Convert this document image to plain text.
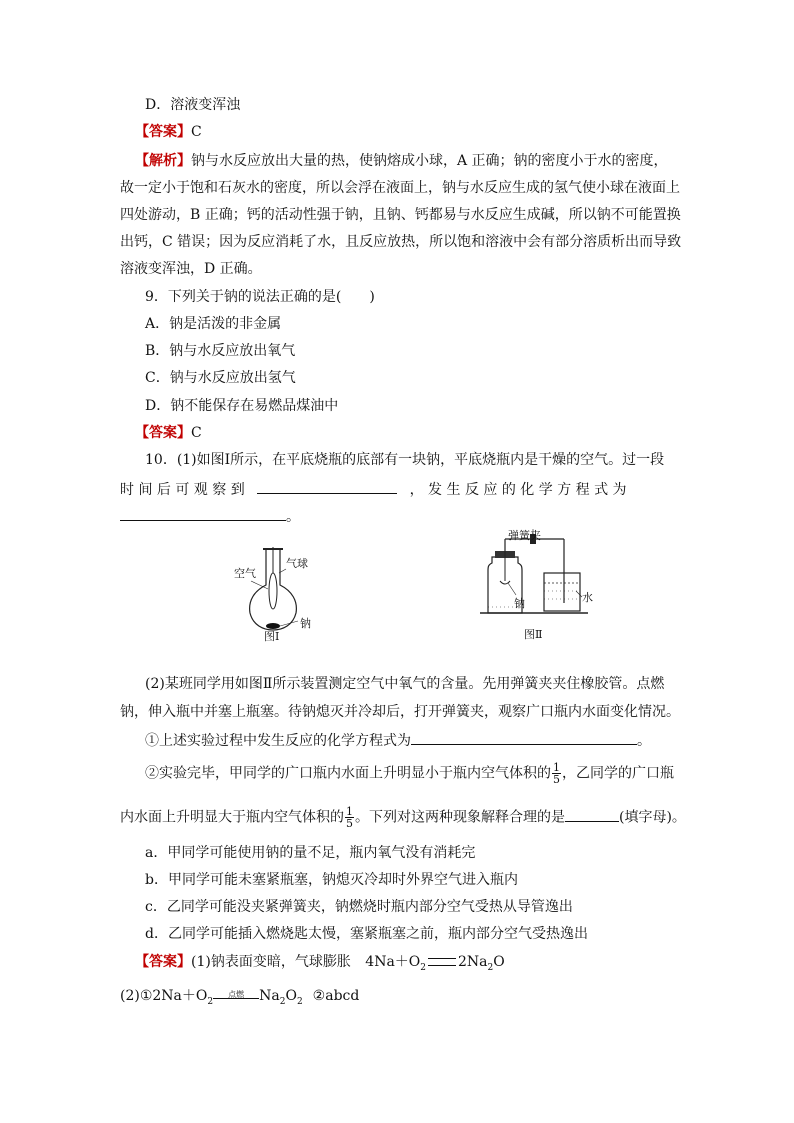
D．溶液变浑浊
【答案】C
【解析】钠与水反应放出大量的热，使钠熔成小球，A 正确；钠的密度小于水的密度，
故一定小于饱和石灰水的密度，所以会浮在液面上，钠与水反应生成的氢气使小球在液面上
四处游动，B 正确；钙的活动性强于钠，且钠、钙都易与水反应生成碱，所以钠不可能置换
出钙，C 错误；因为反应消耗了水，且反应放热，所以饱和溶液中会有部分溶质析出而导致
溶液变浑浊，D 正确。
9．下列关于钠的说法正确的是(　　)
A．钠是活泼的非金属
B．钠与水反应放出氧气
C．钠与水反应放出氢气
D．钠不能保存在易燃品煤油中
【答案】C
10．(1)如图Ⅰ所示，在平底烧瓶的底部有一块钠，平底烧瓶内是干燥的空气。过一段
时 间 后 可 观 察 到	， 发 生 反 应 的 化 学 方 程 式 为
。
空气
气球
钠
图Ⅰ
弹簧夹
钠	水
图Ⅱ
(2)某班同学用如图Ⅱ所示装置测定空气中氧气的含量。先用弹簧夹夹住橡胶管。点燃
钠，伸入瓶中并塞上瓶塞。待钠熄灭并冷却后，打开弹簧夹，观察广口瓶内水面变化情况。
①上述实验过程中发生反应的化学方程式为	。
②实验完毕，甲同学的广口瓶内水面上升明显小于瓶内空气体积的 $\frac{1}{5}$ ，乙同学的广口瓶
内水面上升明显大于瓶内空气体积的 $\frac{1}{5}$ 。下列对这两种现象解释合理的是	(填字母)。
a．甲同学可能使用钠的量不足，瓶内氧气没有消耗完
b．甲同学可能未塞紧瓶塞，钠熄灭冷却时外界空气进入瓶内
c．乙同学可能没夹紧弹簧夹，钠燃烧时瓶内部分空气受热从导管逸出
d．乙同学可能插入燃烧匙太慢，塞紧瓶塞之前，瓶内部分空气受热逸出
【答案】(1)钠表面变暗，气球膨胀 $4Na+O_2$ $2Na_2O$
$(2)①2Na+O_2$
点燃	$Na_2O_2$ ②abcd
